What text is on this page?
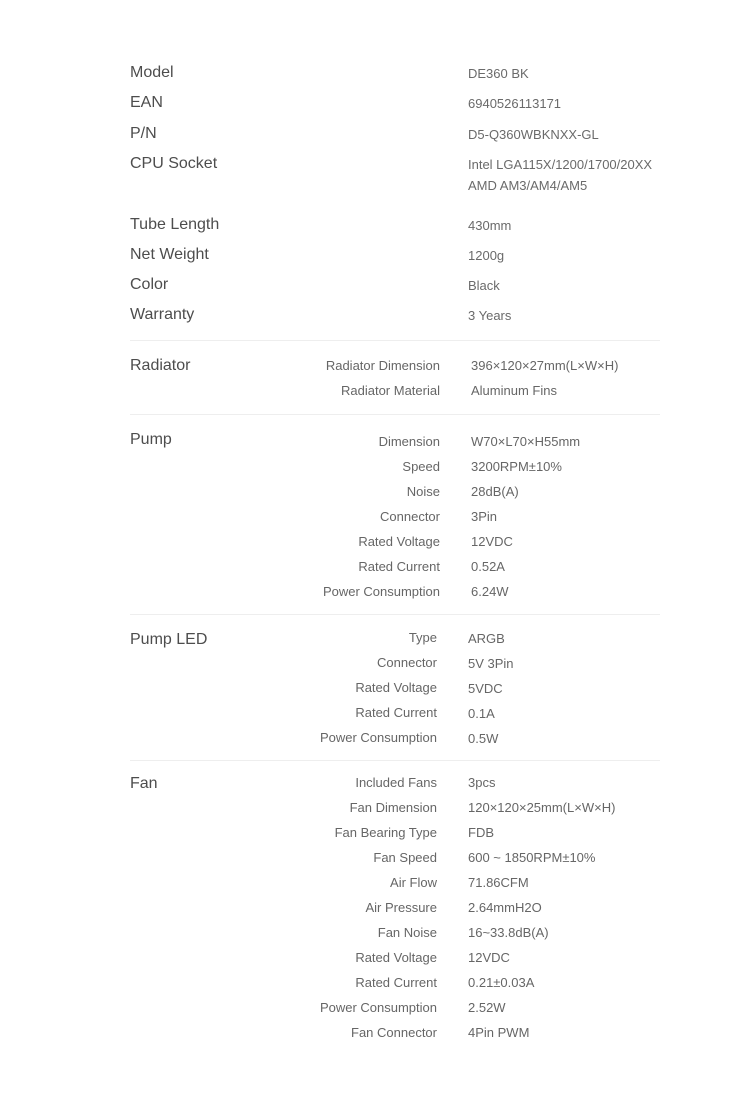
Model	DE360 BK
EAN	6940526113171
P/N	D5-Q360WBKNXX-GL
CPU Socket	Intel LGA115X/1200/1700/20XX
AMD AM3/AM4/AM5
Tube Length	430mm
Net Weight	1200g
Color	Black
Warranty	3 Years
Radiator	Radiator Dimension 396×120×27mm(L×W×H)
Radiator Material Aluminum Fins
Pump	Dimension W70×L70×H55mm
Speed 3200RPM±10%
Noise 28dB(A)
Connector 3Pin
Rated Voltage 12VDC
Rated Current 0.52A
Power Consumption 6.24W
Pump LED	Type ARGB
Connector 5V 3Pin
Rated Voltage 5VDC
Rated Current 0.1A
Power Consumption 0.5W
Fan	Included Fans 3pcs
Fan Dimension 120×120×25mm(L×W×H)
Fan Bearing Type FDB
Fan Speed 600 ~ 1850RPM±10%
Air Flow 71.86CFM
Air Pressure 2.64mmH2O
Fan Noise 16~33.8dB(A)
Rated Voltage 12VDC
Rated Current 0.21±0.03A
Power Consumption 2.52W
Fan Connector 4Pin PWM
